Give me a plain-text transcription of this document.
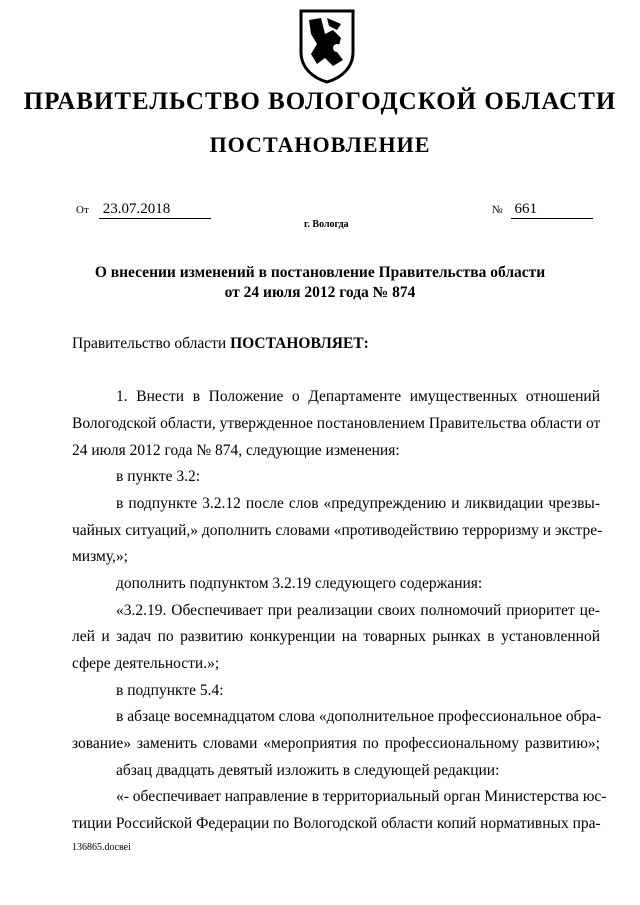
ПРАВИТЕЛЬСТВО ВОЛОГОДСКОЙ ОБЛАСТИ
ПОСТАНОВЛЕНИЕ
От 23.07.2018	№ 661
г. Вологда
О внесении изменений в постановление Правительства области
от 24 июля 2012 года № 874
Правительство области ПОСТАНОВЛЯЕТ:
1. Внести в Положение о Департаменте имущественных отношений
Вологодской области, утвержденное постановлением Правительства области от
24 июля 2012 года № 874, следующие изменения:
в пункте 3.2:
в подпункте 3.2.12 после слов «предупреждению и ликвидации чрезвы-
чайных ситуаций,» дополнить словами «противодействию терроризму и экстре-
мизму,»;
дополнить подпунктом 3.2.19 следующего содержания:
«3.2.19. Обеспечивает при реализации своих полномочий приоритет це-
лей и задач по развитию конкуренции на товарных рынках в установленной
сфере деятельности.»;
в подпункте 5.4:
в абзаце восемнадцатом слова «дополнительное профессиональное обра-
зование» заменить словами «мероприятия по профессиональному развитию»;
абзац двадцать девятый изложить в следующей редакции:
«- обеспечивает направление в территориальный орган Министерства юс-
тиции Российской Федерации по Вологодской области копий нормативных пра-
136865.docвei
